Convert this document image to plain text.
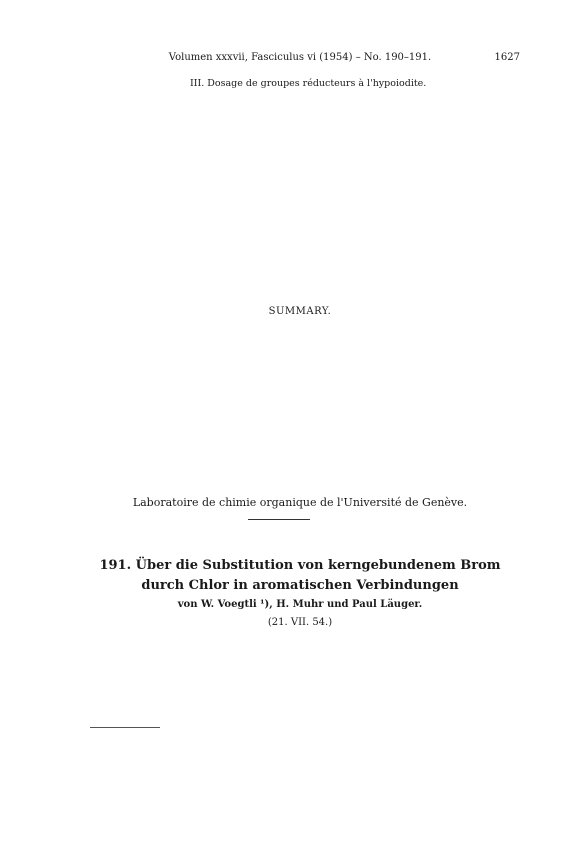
Volumen xxxvii, Fasciculus vi (1954) – No. 190–191.	1627
III. Dosage de groupes réducteurs à l'hypoiodite.
SUMMARY.
Laboratoire de chimie organique de l'Université de Genève.
191. Über die Substitution von kerngebundenem Brom
durch Chlor in aromatischen Verbindungen
von W. Voegtli ¹), H. Muhr und Paul Läuger.
(21. VII. 54.)
